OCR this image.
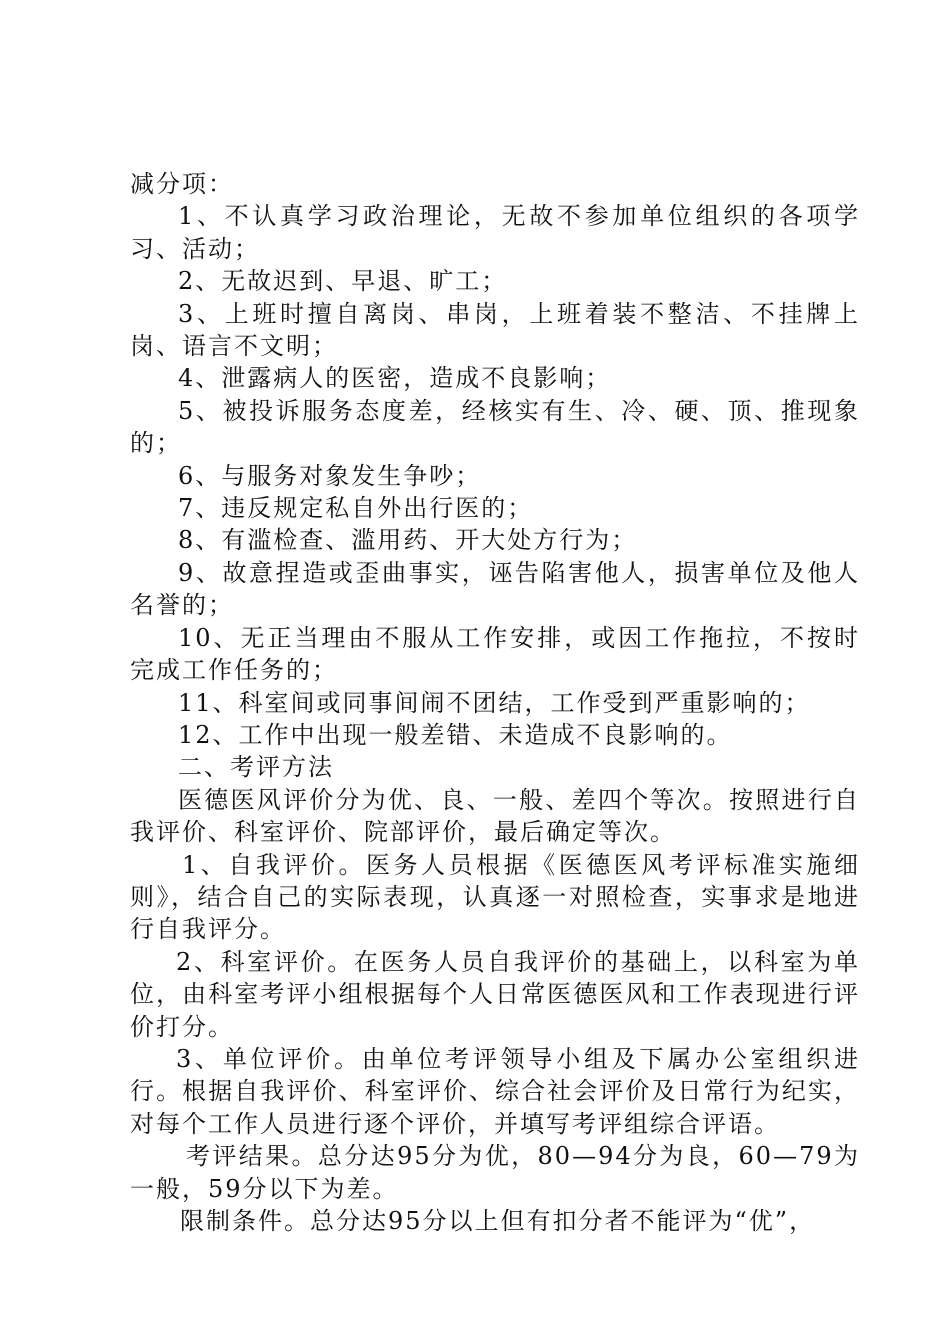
减分项：

1、不认真学习政治理论，无故不参加单位组织的各项学习、活动；

2、无故迟到、早退、旷工；

3、上班时擅自离岗、串岗，上班着装不整洁、不挂牌上岗、语言不文明；

4、泄露病人的医密，造成不良影响；

5、被投诉服务态度差，经核实有生、冷、硬、顶、推现象的；

6、与服务对象发生争吵；

7、违反规定私自外出行医的；

8、有滥检查、滥用药、开大处方行为；

9、故意捏造或歪曲事实，诬告陷害他人，损害单位及他人名誉的；

10、无正当理由不服从工作安排，或因工作拖拉，不按时完成工作任务的；

11、科室间或同事间闹不团结，工作受到严重影响的；

12、工作中出现一般差错、未造成不良影响的。

二、考评方法

医德医风评价分为优、良、一般、差四个等次。按照进行自我评价、科室评价、院部评价，最后确定等次。

1、自我评价。医务人员根据《医德医风考评标准实施细则》，结合自己的实际表现，认真逐一对照检查，实事求是地进行自我评分。

2、科室评价。在医务人员自我评价的基础上，以科室为单位，由科室考评小组根据每个人日常医德医风和工作表现进行评价打分。

3、单位评价。由单位考评领导小组及下属办公室组织进行。根据自我评价、科室评价、综合社会评价及日常行为纪实，对每个工作人员进行逐个评价，并填写考评组综合评语。

考评结果。总分达95分为优，80—94分为良，60—79为一般，59分以下为差。

限制条件。总分达95分以上但有扣分者不能评为“优”，
